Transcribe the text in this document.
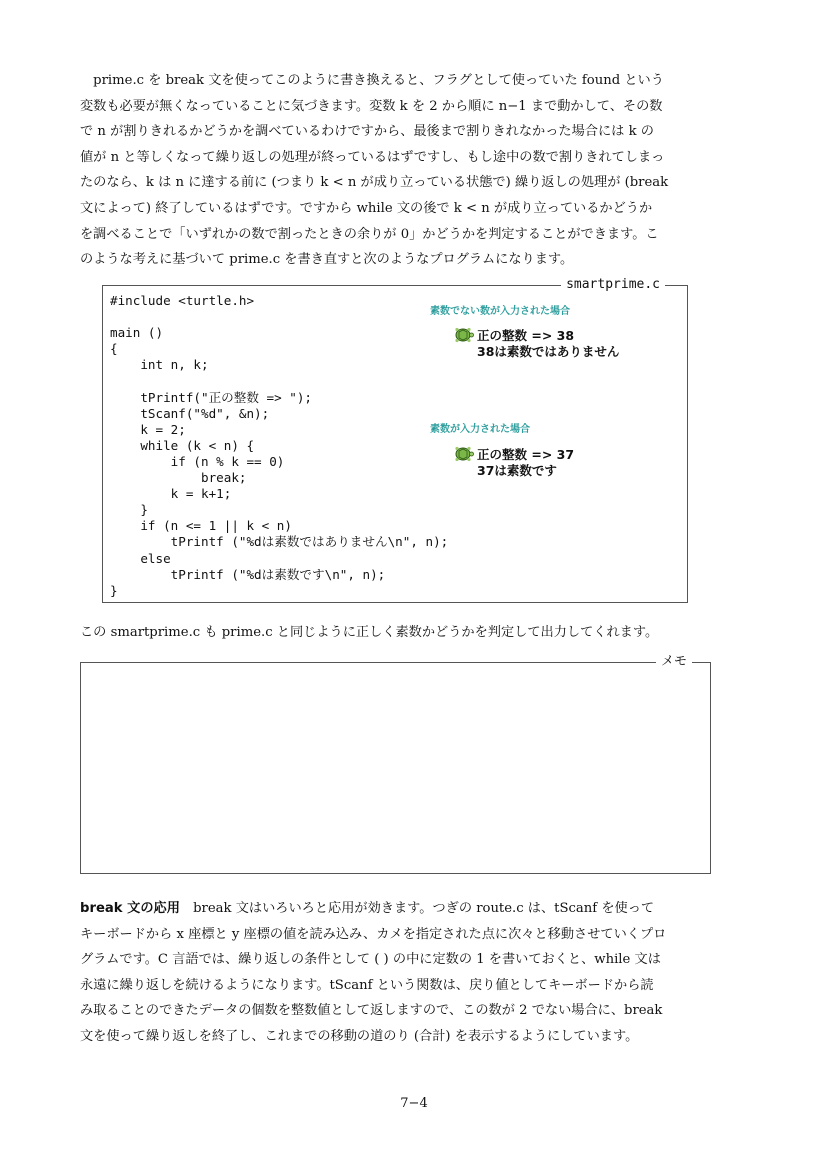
　prime.c を break 文を使ってこのように書き換えると、フラグとして使っていた found という
変数も必要が無くなっていることに気づきます。変数 k を 2 から順に n−1 まで動かして、その数
で n が割りきれるかどうかを調べているわけですから、最後まで割りきれなかった場合には k の
値が n と等しくなって繰り返しの処理が終っているはずですし、もし途中の数で割りきれてしまっ
たのなら、k は n に達する前に (つまり k < n が成り立っている状態で) 繰り返しの処理が (break
文によって) 終了しているはずです。ですから while 文の後で k < n が成り立っているかどうか
を調べることで「いずれかの数で割ったときの余りが 0」かどうかを判定することができます。こ
のような考えに基づいて prime.c を書き直すと次のようなプログラムになります。
smartprime.c
#include <turtle.h>

main ()
{
int n, k;

tPrintf("正の整数 => ");
tScanf("%d", &n);
k = 2;
while (k < n) {
if (n % k == 0)
break;
k = k+1;
}
if (n <= 1 || k < n)
tPrintf ("%dは素数ではありません\n", n);
else
tPrintf ("%dは素数です\n", n);
}
素数でない数が入力された場合
正の整数 => 38
38は素数ではありません
素数が入力された場合
正の整数 => 37
37は素数です
この smartprime.c も prime.c と同じように正しく素数かどうかを判定して出力してくれます。
メモ
break 文の応用　break 文はいろいろと応用が効きます。つぎの route.c は、tScanf を使って
キーボードから x 座標と y 座標の値を読み込み、カメを指定された点に次々と移動させていくプロ
グラムです。C 言語では、繰り返しの条件として ( ) の中に定数の 1 を書いておくと、while 文は
永遠に繰り返しを続けるようになります。tScanf という関数は、戻り値としてキーボードから読
み取ることのできたデータの個数を整数値として返しますので、この数が 2 でない場合に、break
文を使って繰り返しを終了し、これまでの移動の道のり (合計) を表示するようにしています。
7−4
